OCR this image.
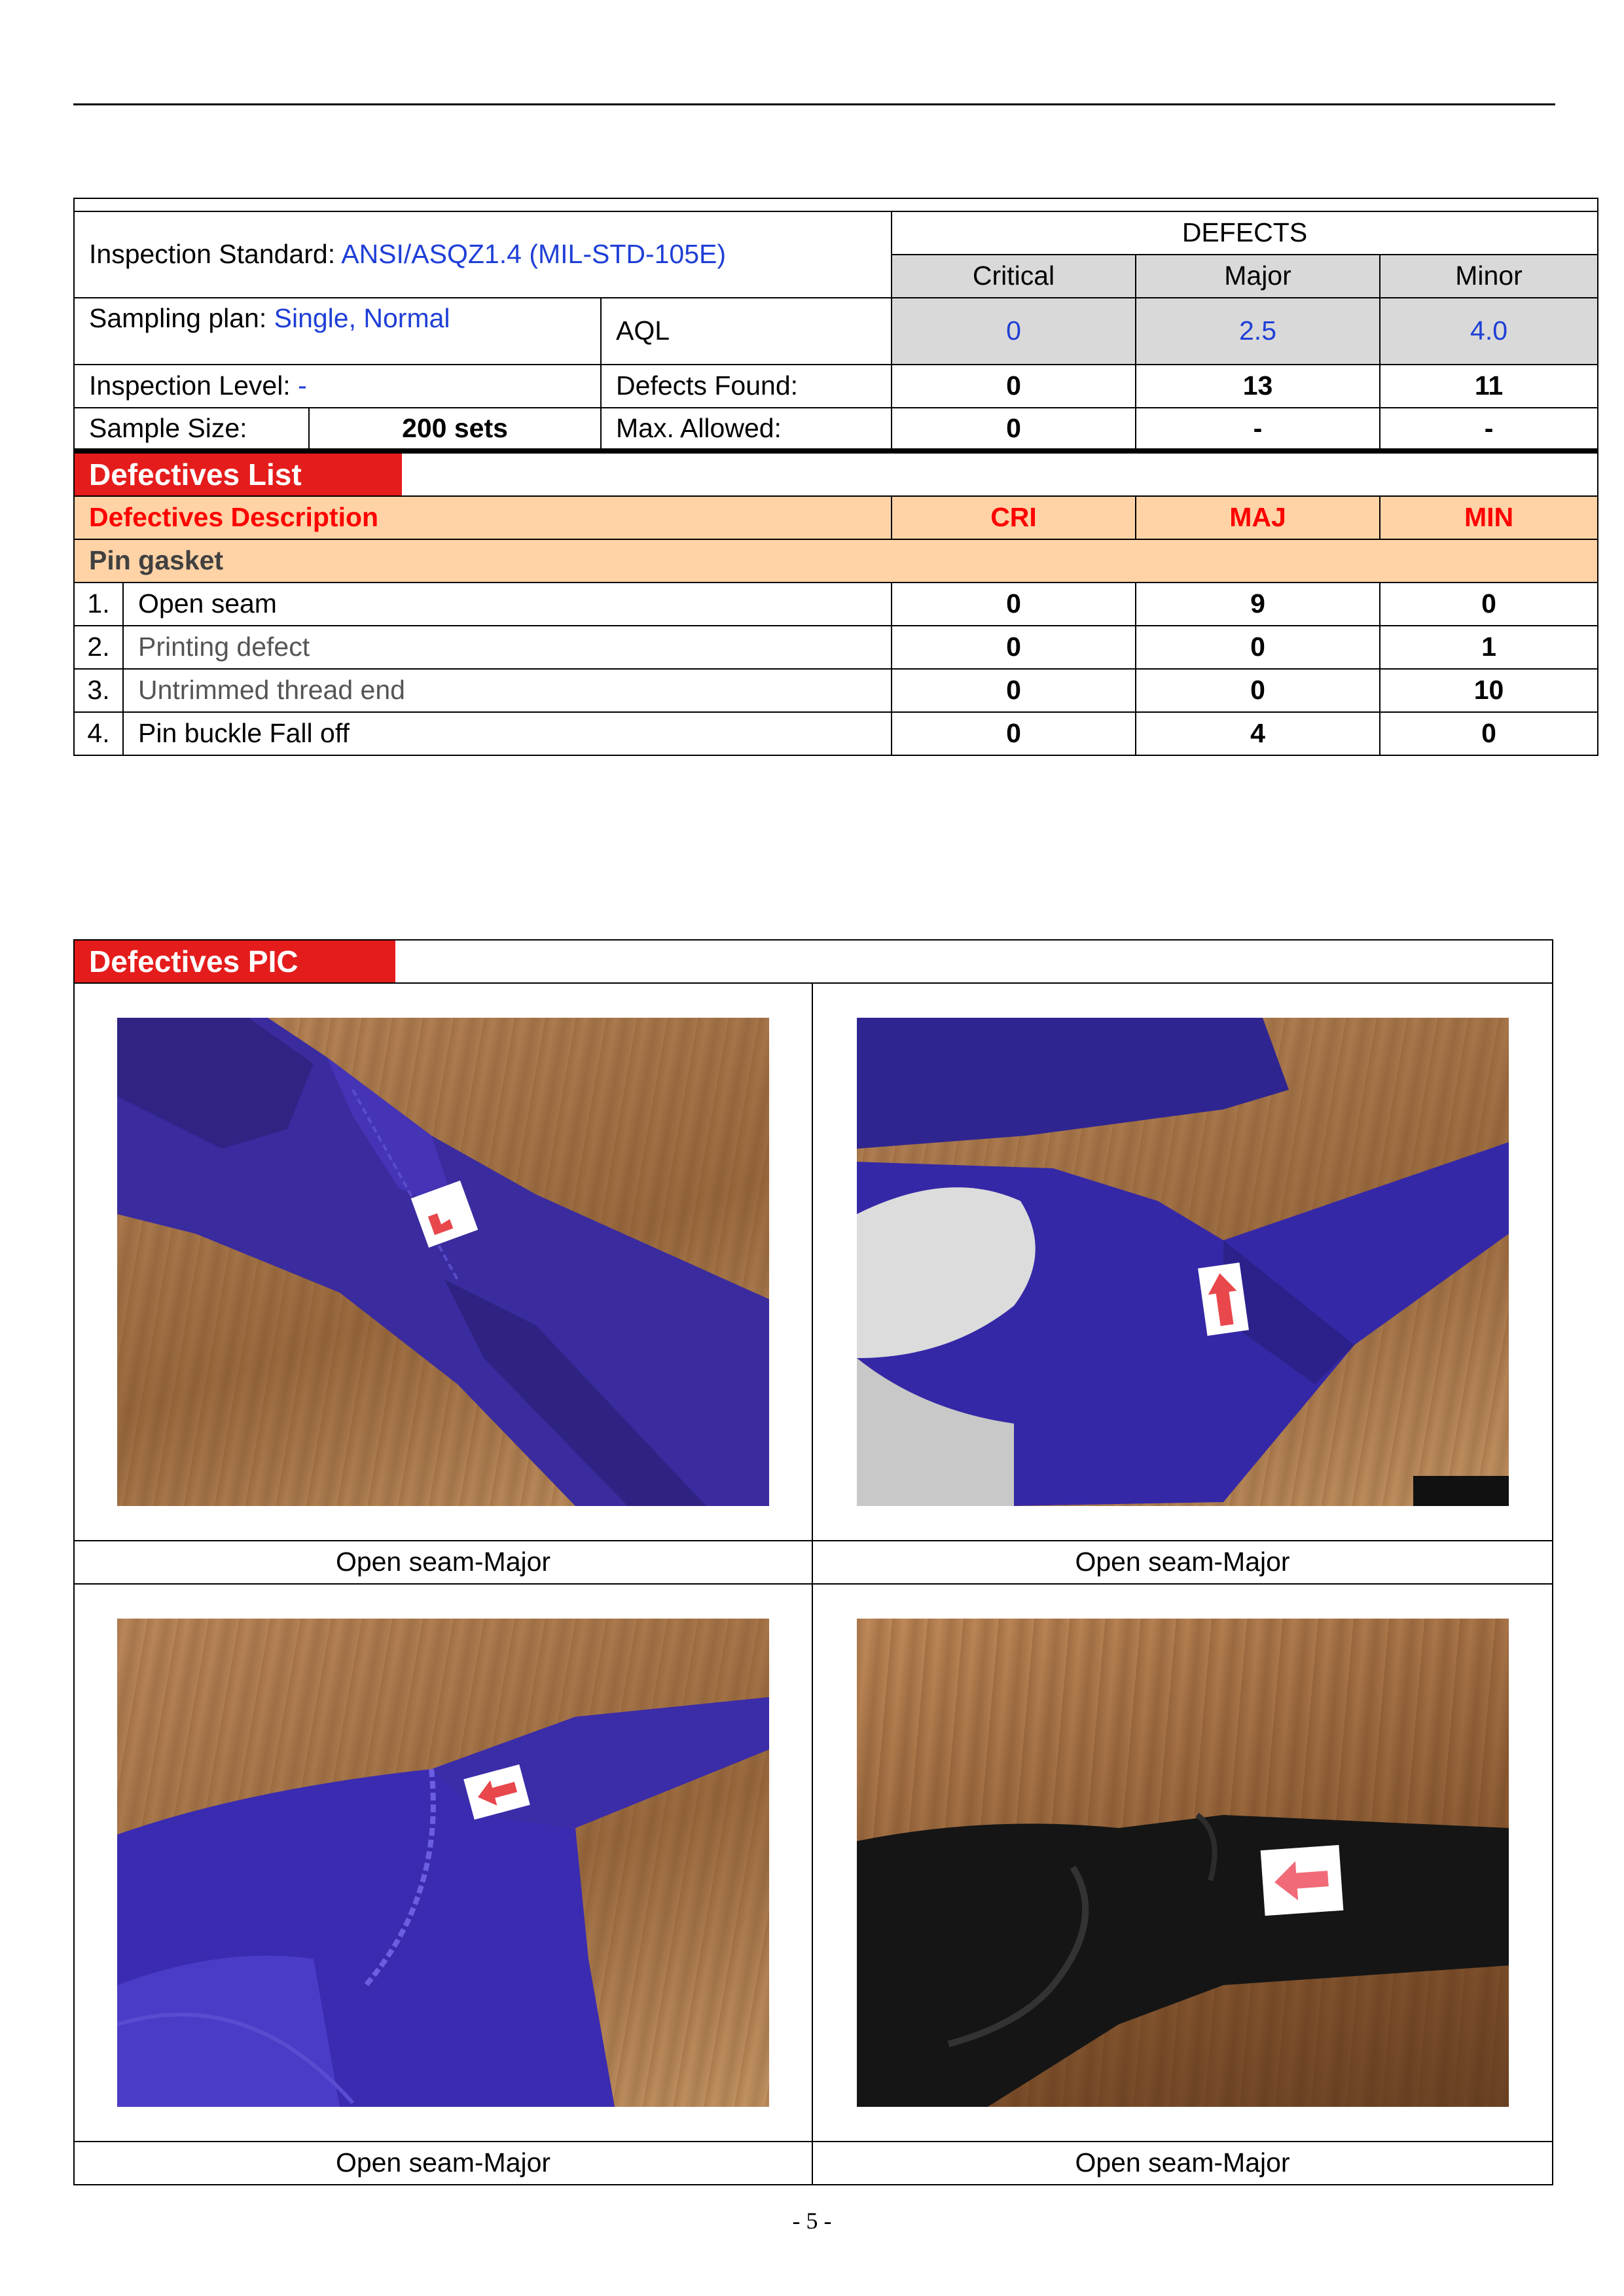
Inspection Standard: ANSI/ASQZ1.4 (MIL-STD-105E)				DEFECTS		
				Critical	Major	Minor
Sampling plan: Single, Normal			AQL	0	2.5	4.0
Inspection Level: -			Defects Found:	0	13	11
Sample Size:		200 sets	Max. Allowed:	0	-	-

Defectives List						

Defectives Description				CRI	MAJ	MIN
Pin gasket						
1.	Open seam			0	9	0
2.	Printing defect			0	0	1
3.	Untrimmed thread end			0	0	10
4.	Pin buckle Fall off			0	4	0
Defectives PIC	

Open seam-Major	Open seam-Major

Open seam-Major	Open seam-Major
- 5 -
